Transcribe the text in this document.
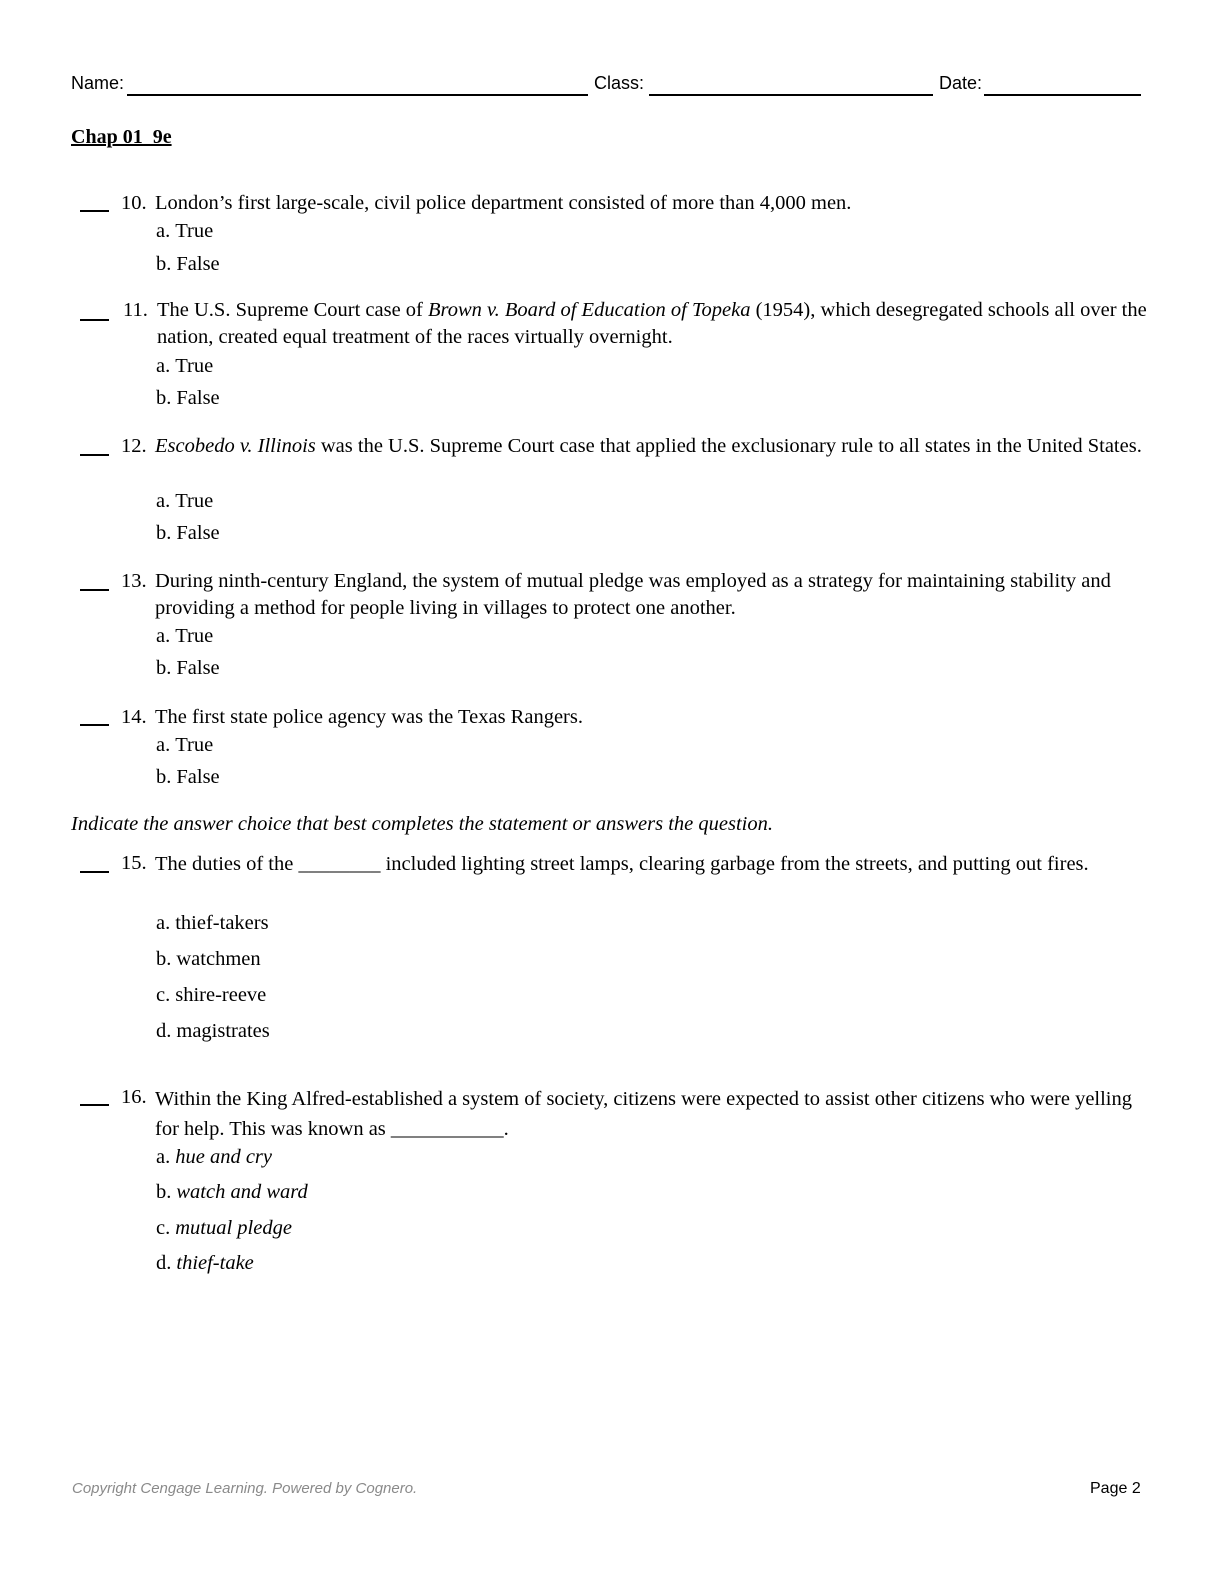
Name:	Class:	Date:
Chap 01_9e
10. London’s first large-scale, civil police department consisted of more than 4,000 men.
a. True
b. False
11. The U.S. Supreme Court case of Brown v. Board of Education of Topeka (1954), which desegregated schools all over the nation, created equal treatment of the races virtually overnight.
a. True
b. False
12. Escobedo v. Illinois was the U.S. Supreme Court case that applied the exclusionary rule to all states in the United States.
a. True
b. False
13. During ninth-century England, the system of mutual pledge was employed as a strategy for maintaining stability and providing a method for people living in villages to protect one another.
a. True
b. False
14. The first state police agency was the Texas Rangers.
a. True
b. False
Indicate the answer choice that best completes the statement or answers the question.
15. The duties of the ________ included lighting street lamps, clearing garbage from the streets, and putting out fires.
a. thief-takers
b. watchmen
c. shire-reeve
d. magistrates
16. Within the King Alfred-established a system of society, citizens were expected to assist other citizens who were yelling for help. This was known as ___________.
a. hue and cry
b. watch and ward
c. mutual pledge
d. thief-take
Copyright Cengage Learning. Powered by Cognero.	Page 2
